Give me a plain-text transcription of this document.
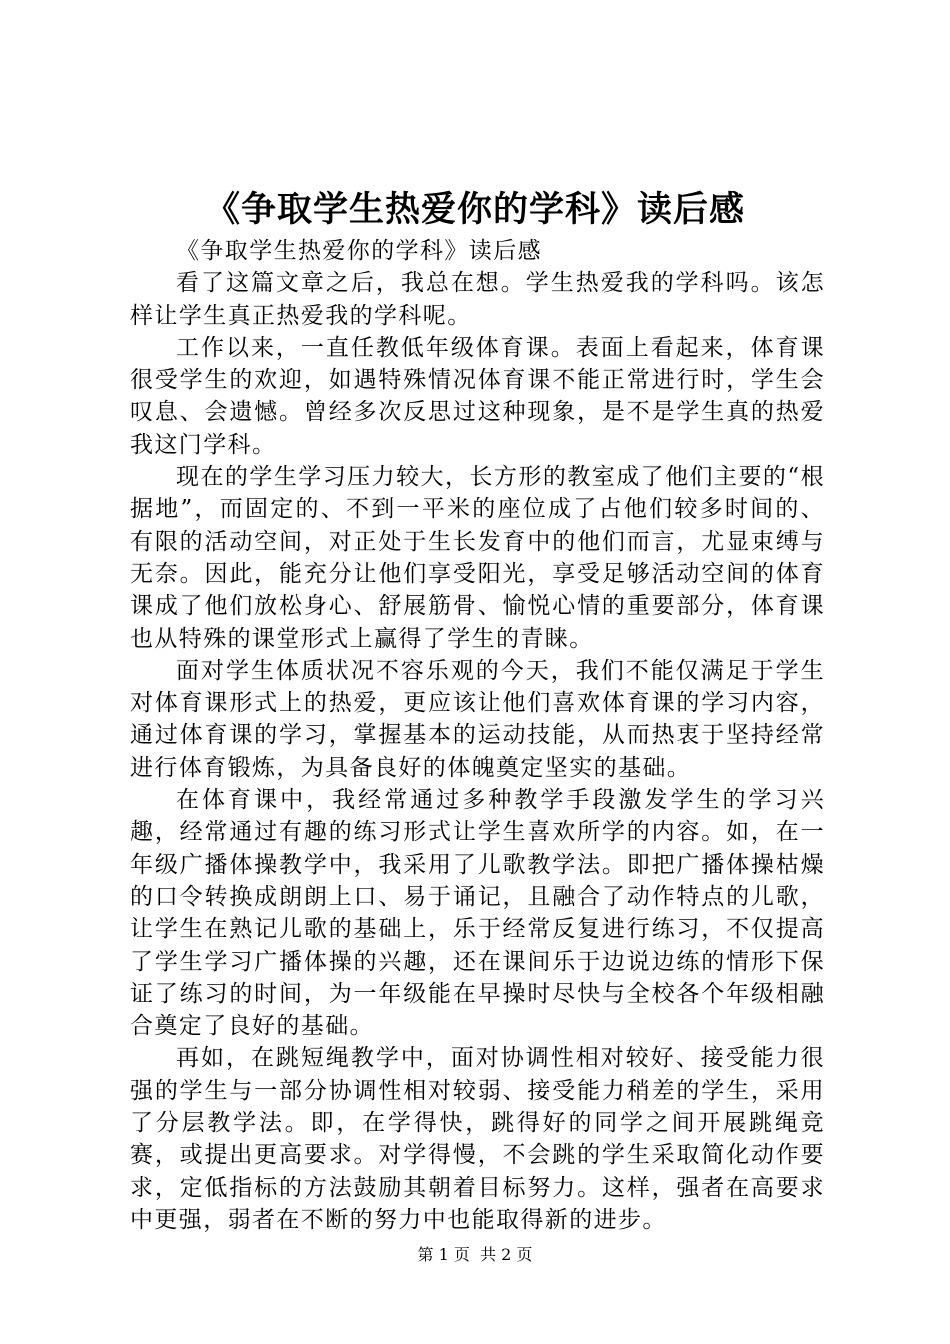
《争取学生热爱你的学科》读后感

《争取学生热爱你的学科》读后感

看了这篇文章之后，我总在想。学生热爱我的学科吗。该怎样让学生真正热爱我的学科呢。

工作以来，一直任教低年级体育课。表面上看起来，体育课很受学生的欢迎，如遇特殊情况体育课不能正常进行时，学生会叹息、会遗憾。曾经多次反思过这种现象，是不是学生真的热爱我这门学科。

现在的学生学习压力较大，长方形的教室成了他们主要的“根据地”，而固定的、不到一平米的座位成了占他们较多时间的、有限的活动空间，对正处于生长发育中的他们而言，尤显束缚与无奈。因此，能充分让他们享受阳光，享受足够活动空间的体育课成了他们放松身心、舒展筋骨、愉悦心情的重要部分，体育课也从特殊的课堂形式上赢得了学生的青睐。

面对学生体质状况不容乐观的今天，我们不能仅满足于学生对体育课形式上的热爱，更应该让他们喜欢体育课的学习内容，通过体育课的学习，掌握基本的运动技能，从而热衷于坚持经常进行体育锻炼，为具备良好的体魄奠定坚实的基础。

在体育课中，我经常通过多种教学手段激发学生的学习兴趣，经常通过有趣的练习形式让学生喜欢所学的内容。如，在一年级广播体操教学中，我采用了儿歌教学法。即把广播体操枯燥的口令转换成朗朗上口、易于诵记，且融合了动作特点的儿歌，让学生在熟记儿歌的基础上，乐于经常反复进行练习，不仅提高了学生学习广播体操的兴趣，还在课间乐于边说边练的情形下保证了练习的时间，为一年级能在早操时尽快与全校各个年级相融合奠定了良好的基础。

再如，在跳短绳教学中，面对协调性相对较好、接受能力很强的学生与一部分协调性相对较弱、接受能力稍差的学生，采用了分层教学法。即，在学得快，跳得好的同学之间开展跳绳竞赛，或提出更高要求。对学得慢，不会跳的学生采取简化动作要求，定低指标的方法鼓励其朝着目标努力。这样，强者在高要求中更强，弱者在不断的努力中也能取得新的进步。

第 1 页  共 2 页
